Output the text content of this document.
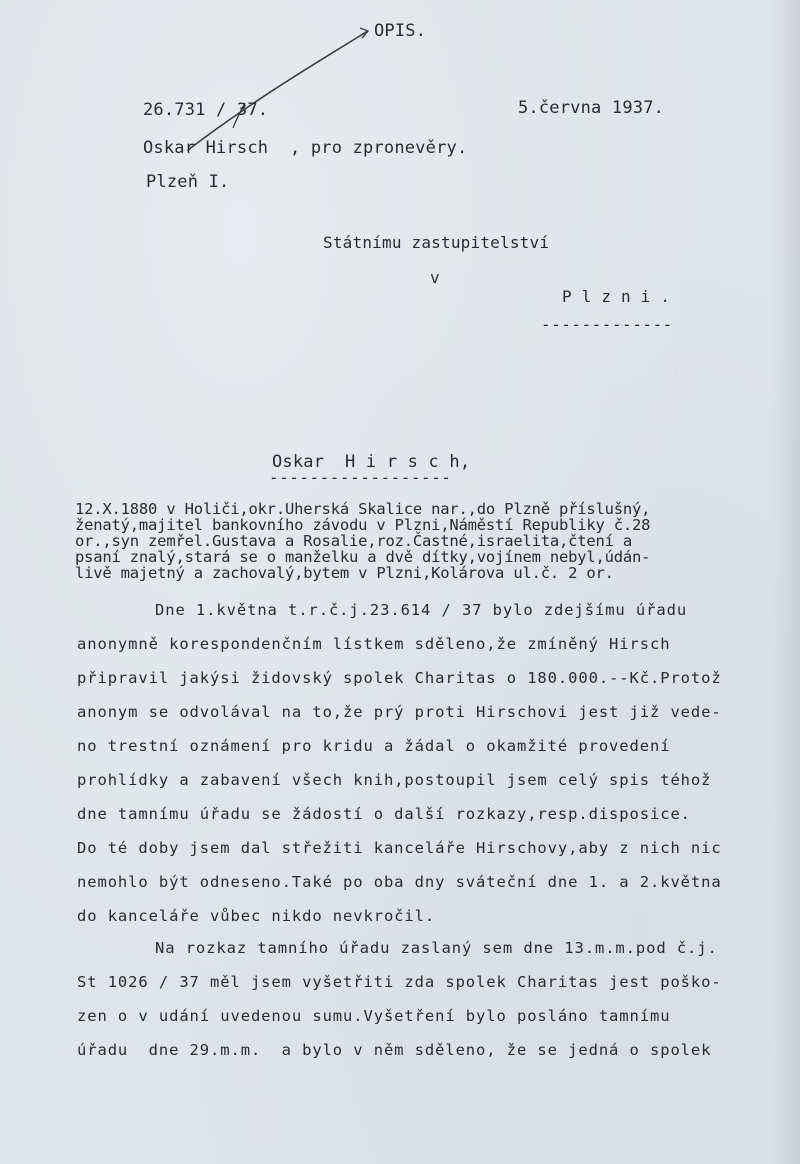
OPIS.
26.731 / 37.	5.června 1937.
Oskar Hirsch , pro zpronevěry.
Plzeň I.
Státnímu zastupitelství
v
P l z n i .
-------------
Oskar  H i r s c h,
------------------
12.X.1880 v Holiči,okr.Uherská Skalice nar.,do Plzně příslušný,
ženatý,majitel bankovního závodu v Plzni,Náměstí Republiky č.28
or.,syn zemřel.Gustava a Rosalie,roz.Častné,israelita,čtení a
psaní znalý,stará se o manželku a dvě dítky,vojínem nebyl,údán-
livě majetný a zachovalý,bytem v Plzni,Kolárova ul.č. 2 or.
Dne 1.května t.r.č.j.23.614 / 37 bylo zdejšímu úřadu
anonymně korespondenčním lístkem sděleno,že zmíněný Hirsch
připravil jakýsi židovský spolek Charitas o 180.000.--Kč.Protož
anonym se odvolával na to,že prý proti Hirschovi jest již vede-
no trestní oznámení pro kridu a žádal o okamžité provedení
prohlídky a zabavení všech knih,postoupil jsem celý spis téhož
dne tamnímu úřadu se žádostí o další rozkazy,resp.disposice.
Do té doby jsem dal střežiti kanceláře Hirschovy,aby z nich nic
nemohlo být odneseno.Také po oba dny sváteční dne 1. a 2.května
do kanceláře vůbec nikdo nevkročil.
Na rozkaz tamního úřadu zaslaný sem dne 13.m.m.pod č.j.
St 1026 / 37 měl jsem vyšetřiti zda spolek Charitas jest poško-
zen o v udání uvedenou sumu.Vyšetření bylo posláno tamnímu
úřadu  dne 29.m.m.  a bylo v něm sděleno, že se jedná o spolek
